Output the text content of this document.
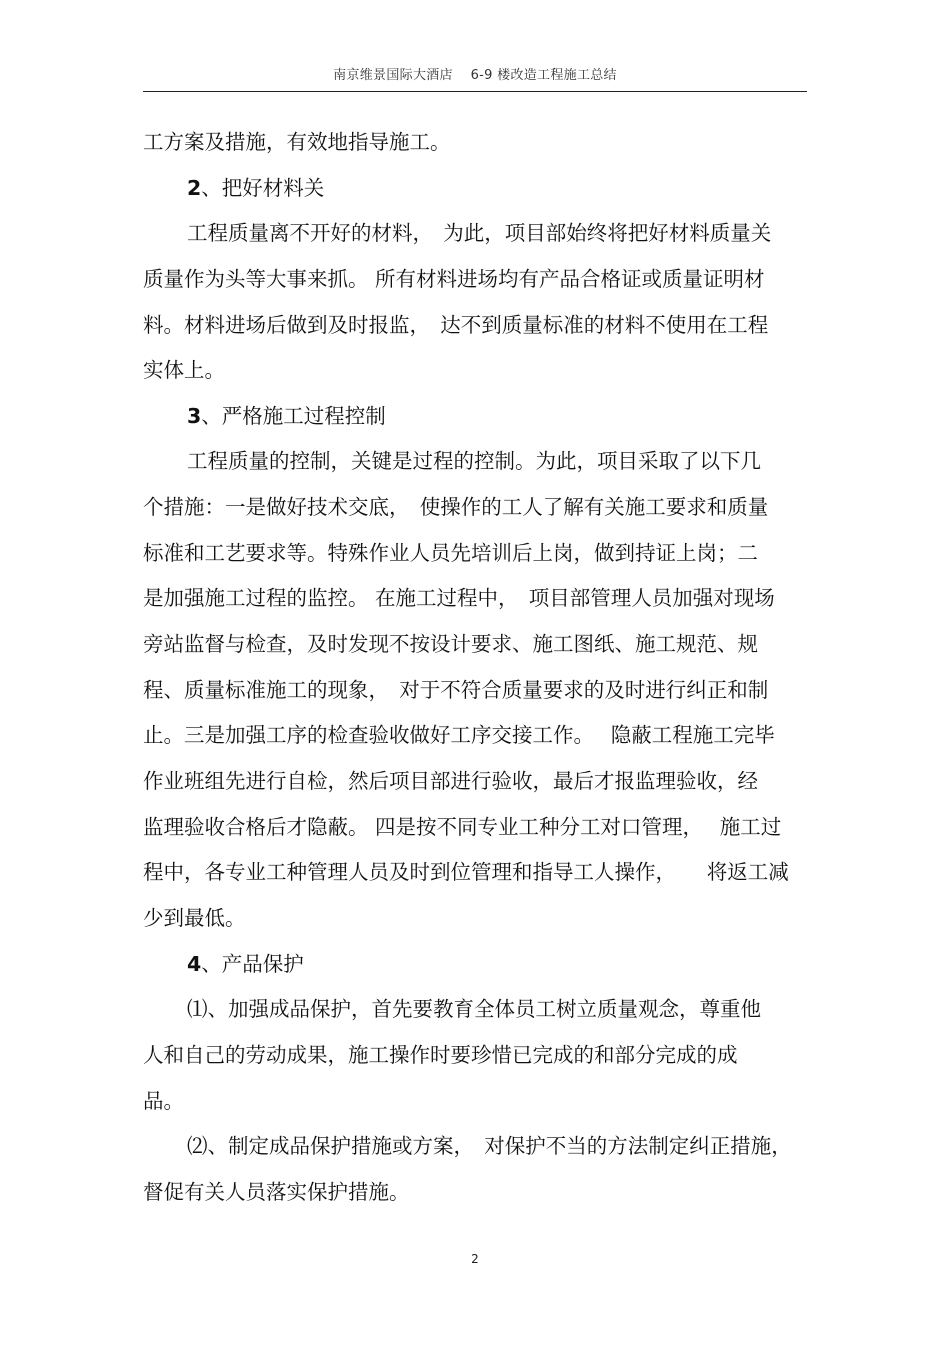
南京维景国际大酒店　 6-9 楼改造工程施工总结
工方案及措施，有效地指导施工。
2、把好材料关
工程质量离不开好的材料，　为此，项目部始终将把好材料质量关
质量作为头等大事来抓。 所有材料进场均有产品合格证或质量证明材
料。材料进场后做到及时报监，　达不到质量标准的材料不使用在工程
实体上。
3、严格施工过程控制
工程质量的控制，关键是过程的控制。为此，项目采取了以下几
个措施：一是做好技术交底，　使操作的工人了解有关施工要求和质量
标准和工艺要求等。特殊作业人员先培训后上岗，做到持证上岗；二
是加强施工过程的监控。 在施工过程中，　项目部管理人员加强对现场
旁站监督与检查，及时发现不按设计要求、施工图纸、施工规范、规
程、质量标准施工的现象，　对于不符合质量要求的及时进行纠正和制
止。三是加强工序的检查验收做好工序交接工作。　 隐蔽工程施工完毕
作业班组先进行自检，然后项目部进行验收，最后才报监理验收，经
监理验收合格后才隐蔽。 四是按不同专业工种分工对口管理，　 施工过
程中，各专业工种管理人员及时到位管理和指导工人操作，　　将返工减
少到最低。
4、产品保护
⑴、加强成品保护，首先要教育全体员工树立质量观念，尊重他
人和自己的劳动成果，施工操作时要珍惜已完成的和部分完成的成
品。
⑵、制定成品保护措施或方案，　对保护不当的方法制定纠正措施，
督促有关人员落实保护措施。
2
